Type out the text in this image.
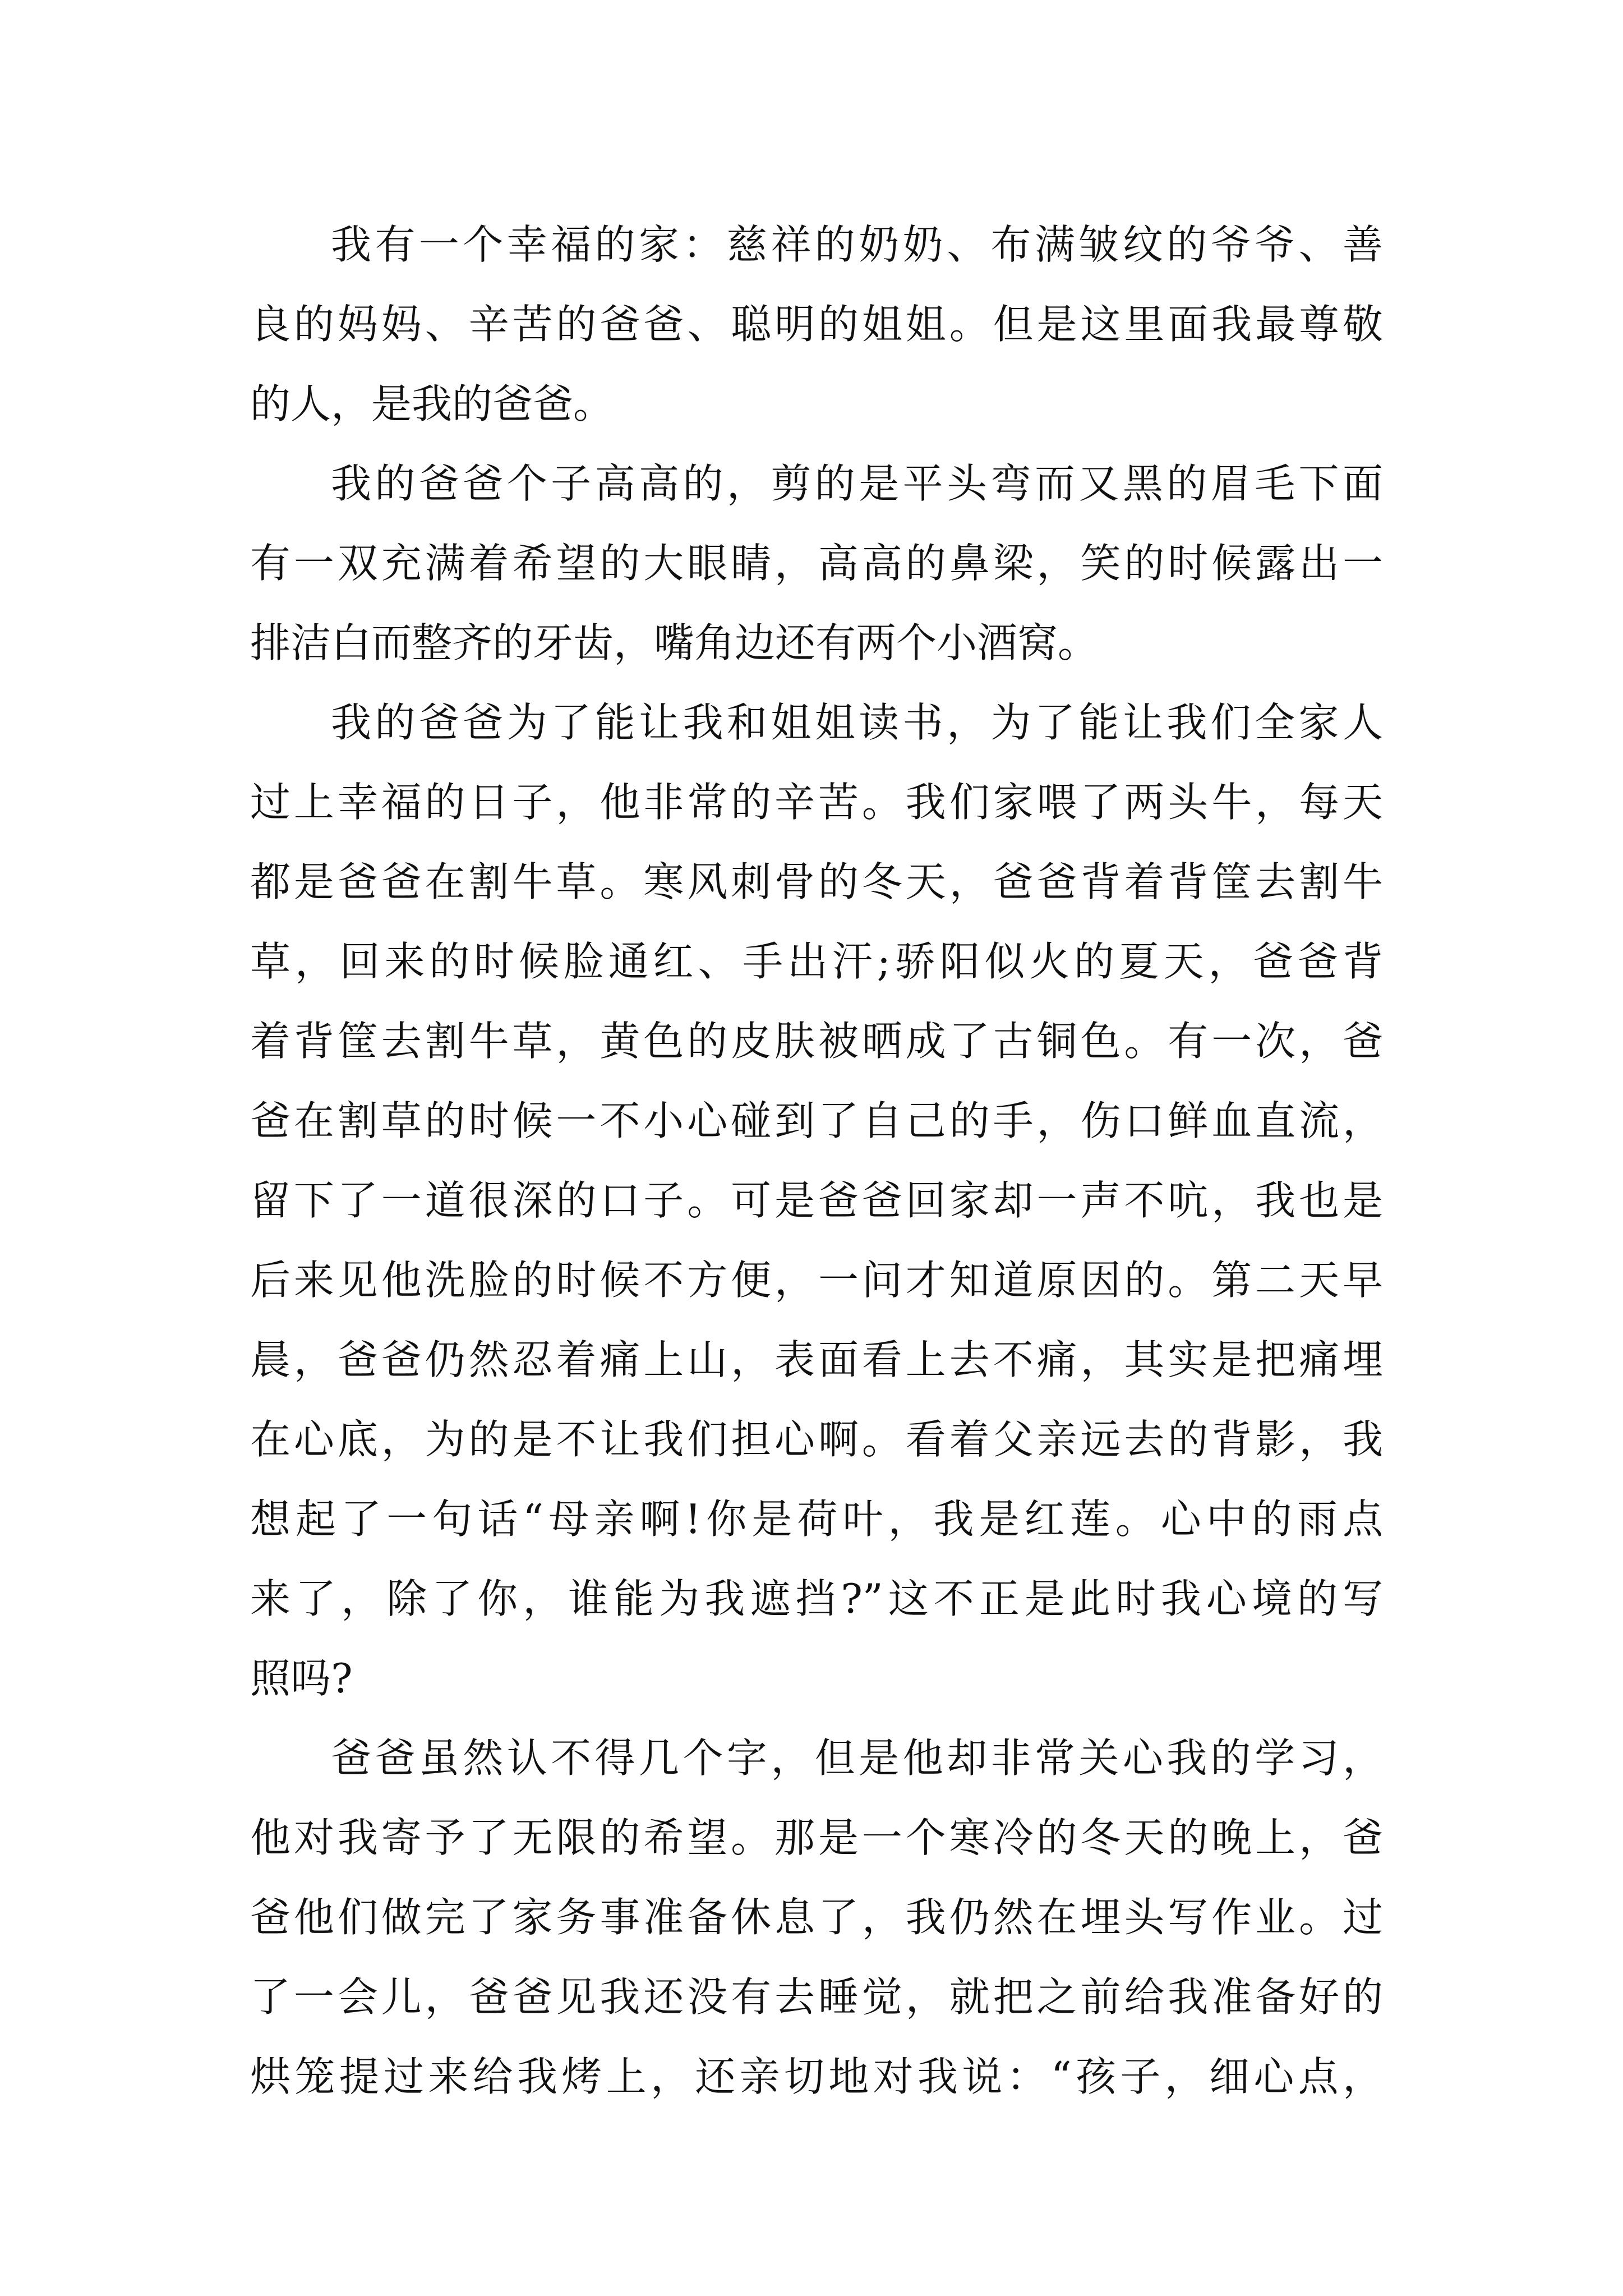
我有一个幸福的家：慈祥的奶奶、布满皱纹的爷爷、善
良的妈妈、辛苦的爸爸、聪明的姐姐。但是这里面我最尊敬
的人，是我的爸爸。
我的爸爸个子高高的，剪的是平头弯而又黑的眉毛下面
有一双充满着希望的大眼睛，高高的鼻梁，笑的时候露出一
排洁白而整齐的牙齿，嘴角边还有两个小酒窝。
我的爸爸为了能让我和姐姐读书，为了能让我们全家人
过上幸福的日子，他非常的辛苦。我们家喂了两头牛，每天
都是爸爸在割牛草。寒风刺骨的冬天，爸爸背着背筐去割牛
草，回来的时候脸通红、手出汗;骄阳似火的夏天，爸爸背
着背筐去割牛草，黄色的皮肤被晒成了古铜色。有一次，爸
爸在割草的时候一不小心碰到了自己的手，伤口鲜血直流，
留下了一道很深的口子。可是爸爸回家却一声不吭，我也是
后来见他洗脸的时候不方便，一问才知道原因的。第二天早
晨，爸爸仍然忍着痛上山，表面看上去不痛，其实是把痛埋
在心底，为的是不让我们担心啊。看着父亲远去的背影，我
想起了一句话“母亲啊!你是荷叶，我是红莲。心中的雨点
来了，除了你，谁能为我遮挡?”这不正是此时我心境的写
照吗?
爸爸虽然认不得几个字，但是他却非常关心我的学习，
他对我寄予了无限的希望。那是一个寒冷的冬天的晚上，爸
爸他们做完了家务事准备休息了，我仍然在埋头写作业。过
了一会儿，爸爸见我还没有去睡觉，就把之前给我准备好的
烘笼提过来给我烤上，还亲切地对我说：“孩子，细心点，
